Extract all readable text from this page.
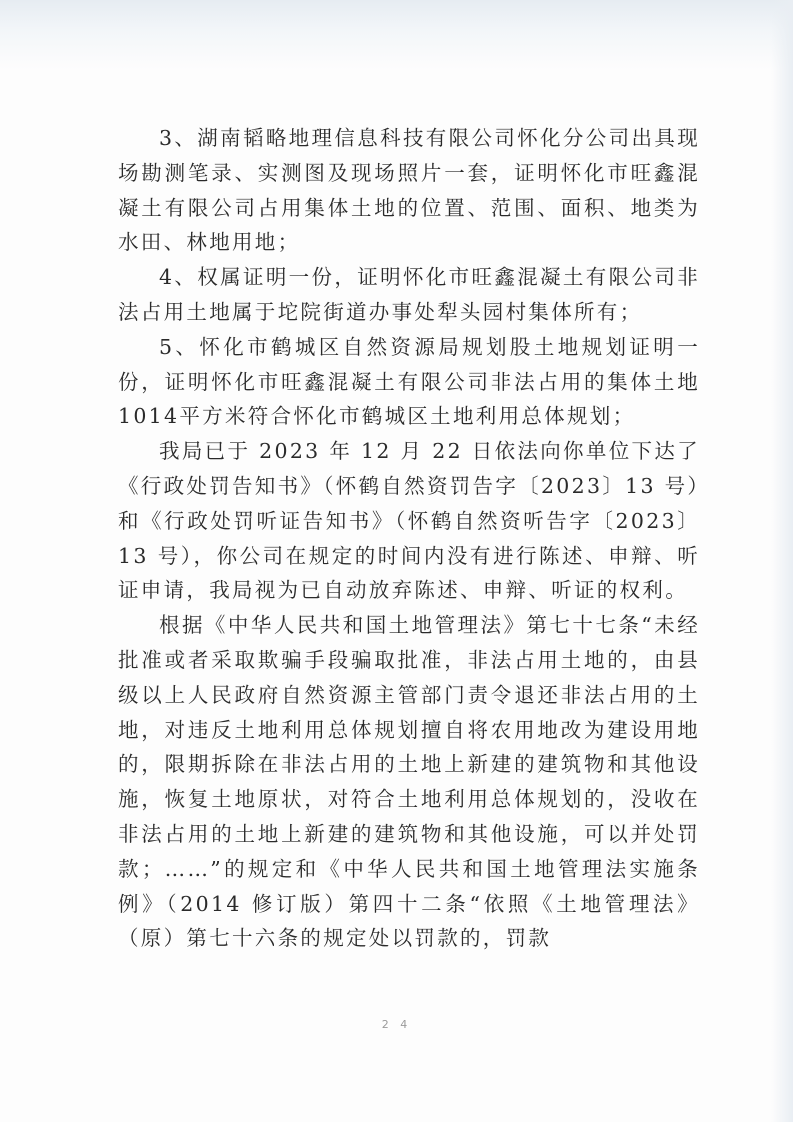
3、湖南韬略地理信息科技有限公司怀化分公司出具现场勘测笔录、实测图及现场照片一套，证明怀化市旺鑫混凝土有限公司占用集体土地的位置、范围、面积、地类为水田、林地用地；

4、权属证明一份，证明怀化市旺鑫混凝土有限公司非法占用土地属于坨院街道办事处犁头园村集体所有；

5、怀化市鹤城区自然资源局规划股土地规划证明一份，证明怀化市旺鑫混凝土有限公司非法占用的集体土地1014平方米符合怀化市鹤城区土地利用总体规划；

我局已于 2023 年 12 月 22 日依法向你单位下达了《行政处罚告知书》（怀鹤自然资罚告字〔2023〕13 号）和《行政处罚听证告知书》（怀鹤自然资听告字〔2023〕13 号），你公司在规定的时间内没有进行陈述、申辩、听证申请，我局视为已自动放弃陈述、申辩、听证的权利。

根据《中华人民共和国土地管理法》第七十七条“未经批准或者采取欺骗手段骗取批准，非法占用土地的，由县级以上人民政府自然资源主管部门责令退还非法占用的土地，对违反土地利用总体规划擅自将农用地改为建设用地的，限期拆除在非法占用的土地上新建的建筑物和其他设施，恢复土地原状，对符合土地利用总体规划的，没收在非法占用的土地上新建的建筑物和其他设施，可以并处罚款；……”的规定和《中华人民共和国土地管理法实施条例》（2014 修订版）第四十二条“依照《土地管理法》（原）第七十六条的规定处以罚款的，罚款

2 4
